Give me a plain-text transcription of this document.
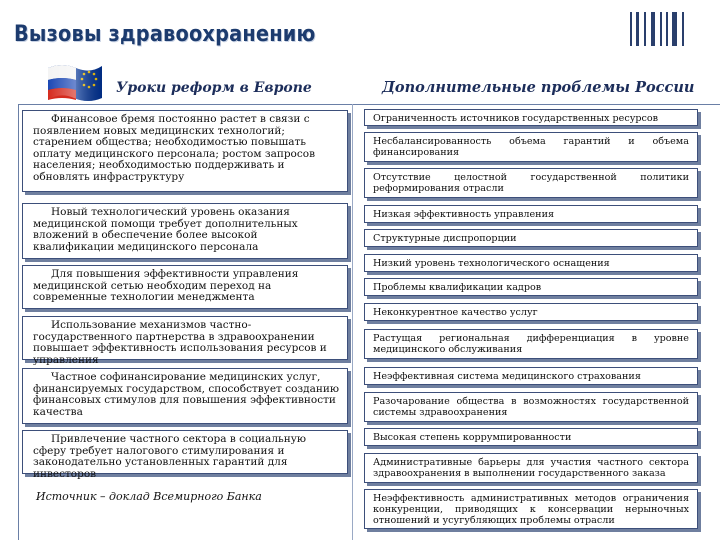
Вызовы здравоохранению
Уроки реформ в Европе	Дополнительные проблемы России
Финансовое бремя постоянно растет в связи с появлением новых медицинских технологий; старением общества; необходимостью повышать оплату медицинского персонала; ростом запросов населения; необходимостью поддерживать и обновлять инфраструктуру
Новый технологический уровень оказания медицинской помощи требует дополнительных вложений в обеспечение более высокой квалификации медицинского персонала
Для повышения эффективности управления медицинской сетью необходим переход на современные технологии менеджмента
Использование механизмов частно-государственного партнерства в здравоохранении повышает эффективность использования ресурсов и управления
Частное софинансирование медицинских услуг, финансируемых государством, способствует созданию финансовых стимулов для повышения эффективности качества
Привлечение частного сектора в социальную сферу требует налогового стимулирования и законодательно установленных гарантий для инвесторов
Источник – доклад Всемирного Банка
Ограниченность источников государственных ресурсов
Несбалансированность объема гарантий и объема финансирования
Отсутствие целостной государственной политики реформирования отрасли
Низкая эффективность управления
Структурные диспропорции
Низкий уровень технологического оснащения
Проблемы квалификации кадров
Неконкурентное качество услуг
Растущая региональная дифференциация в уровне медицинского обслуживания
Неэффективная система медицинского страхования
Разочарование общества в возможностях государственной системы здравоохранения
Высокая степень коррумпированности
Административные барьеры для участия частного сектора здравоохранения в выполнении государственного заказа
Неэффективность административных методов ограничения конкуренции, приводящих к консервации нерыночных отношений и усугубляющих проблемы отрасли
